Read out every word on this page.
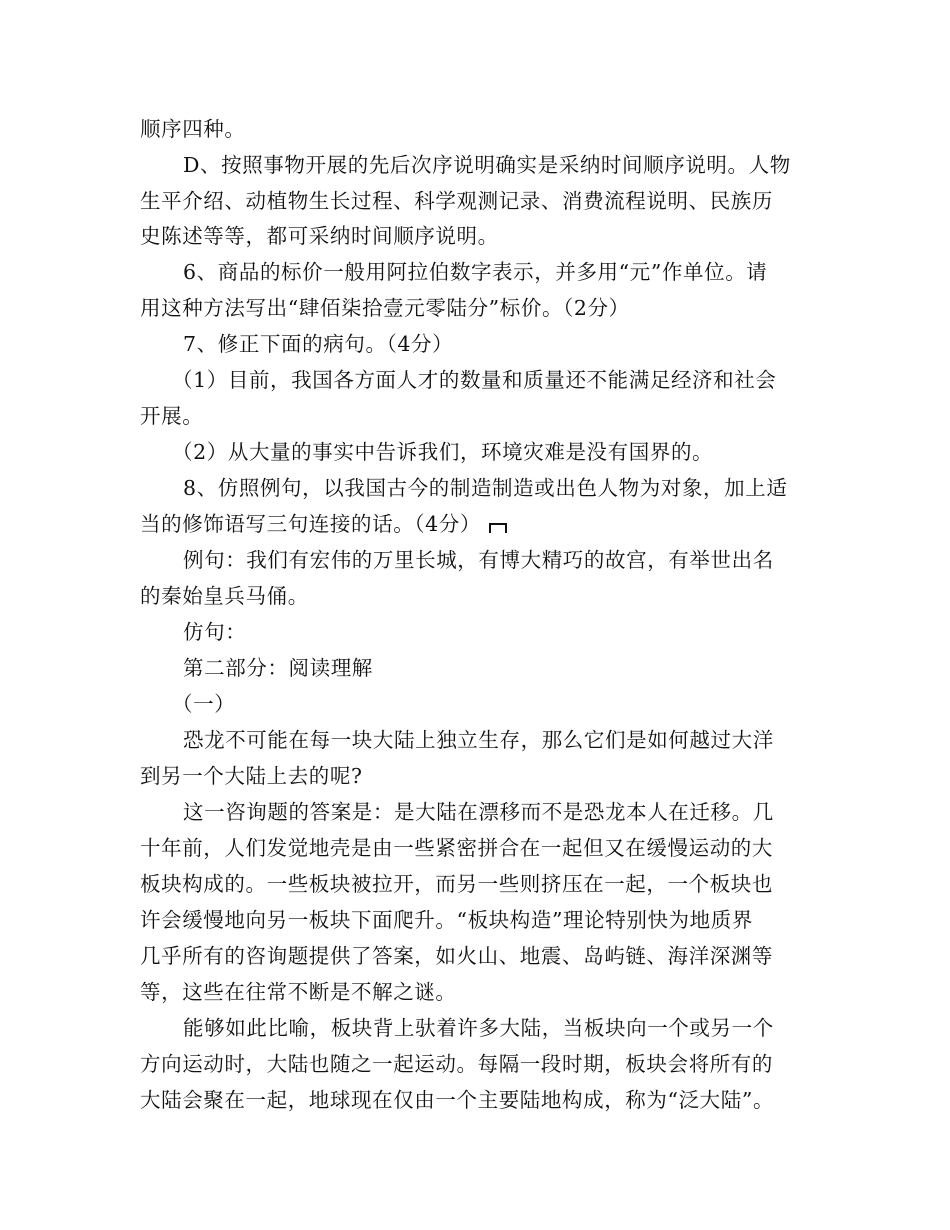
顺序四种。
D、按照事物开展的先后次序说明确实是采纳时间顺序说明。人物
生平介绍、动植物生长过程、科学观测记录、消费流程说明、民族历
史陈述等等，都可采纳时间顺序说明。
6、商品的标价一般用阿拉伯数字表示，并多用“元”作单位。请
用这种方法写出“肆佰柒拾壹元零陆分”标价。（2分）
7、修正下面的病句。（4分）
（1）目前，我国各方面人才的数量和质量还不能满足经济和社会
开展。
（2）从大量的事实中告诉我们，环境灾难是没有国界的。
8、仿照例句，以我国古今的制造制造或出色人物为对象，加上适
当的修饰语写三句连接的话。（4分）
例句：我们有宏伟的万里长城，有博大精巧的故宫，有举世出名
的秦始皇兵马俑。
仿句：
第二部分：阅读理解
（一）
恐龙不可能在每一块大陆上独立生存，那么它们是如何越过大洋
到另一个大陆上去的呢?
这一咨询题的答案是：是大陆在漂移而不是恐龙本人在迁移。几
十年前，人们发觉地壳是由一些紧密拼合在一起但又在缓慢运动的大
板块构成的。一些板块被拉开，而另一些则挤压在一起，一个板块也
许会缓慢地向另一板块下面爬升。“板块构造”理论特别快为地质界
几乎所有的咨询题提供了答案，如火山、地震、岛屿链、海洋深渊等
等，这些在往常不断是不解之谜。
能够如此比喻，板块背上驮着许多大陆，当板块向一个或另一个
方向运动时，大陆也随之一起运动。每隔一段时期，板块会将所有的
大陆会聚在一起，地球现在仅由一个主要陆地构成，称为“泛大陆”。
